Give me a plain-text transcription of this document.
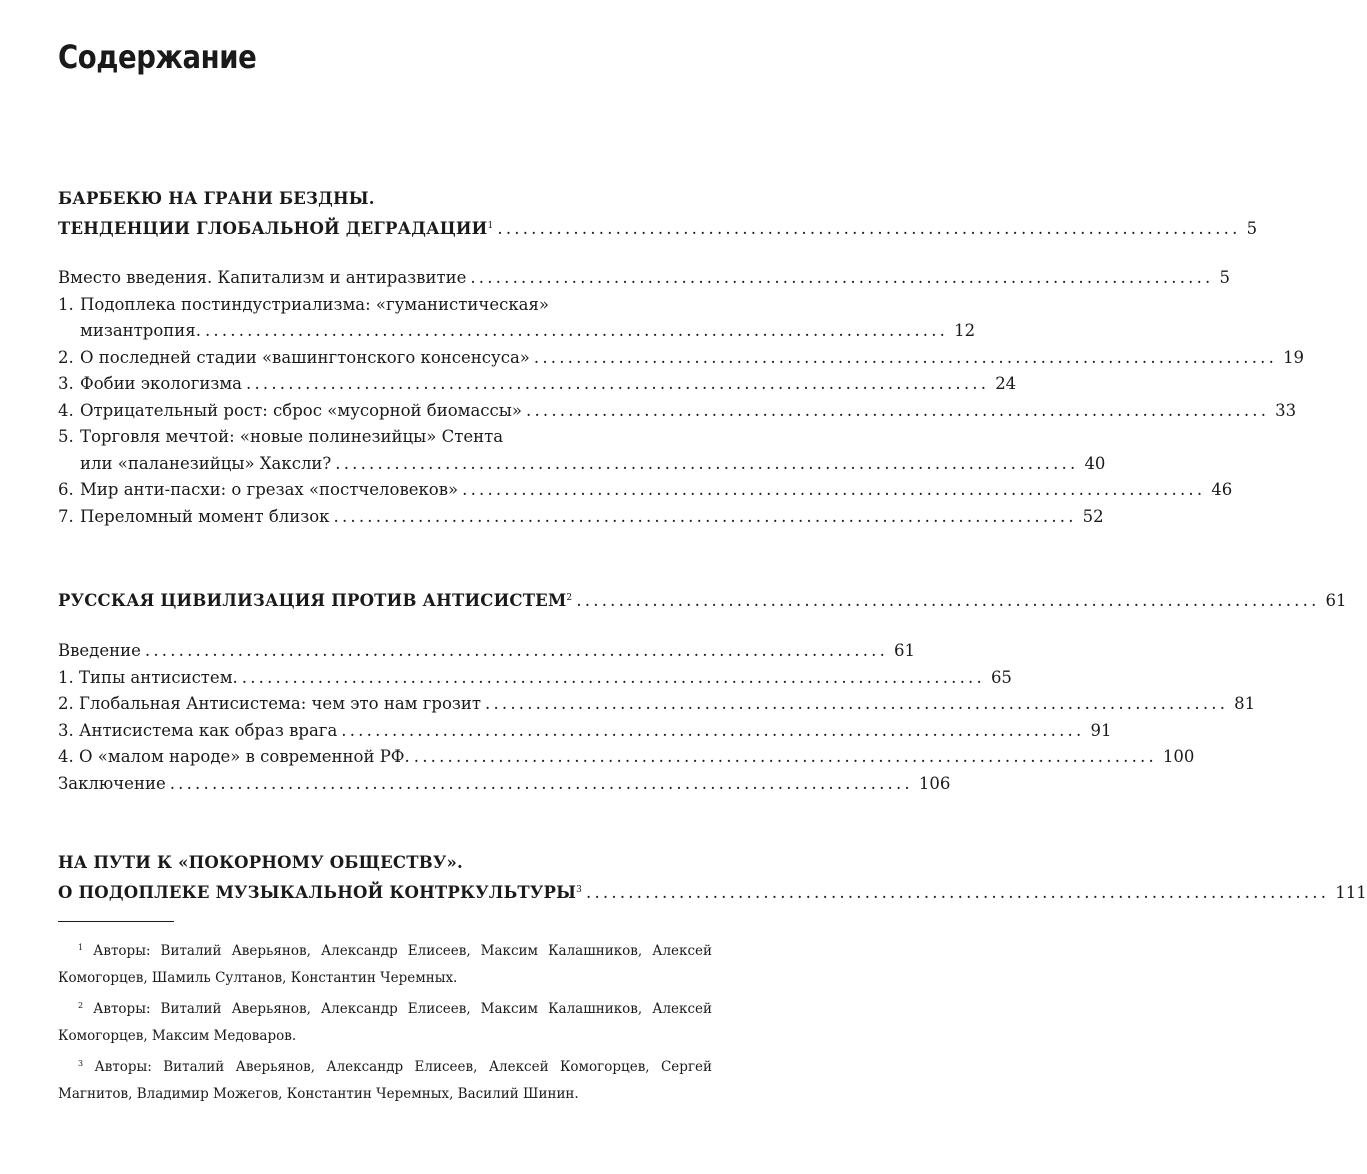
Содержание
БАРБЕКЮ НА ГРАНИ БЕЗДНЫ.
ТЕНДЕНЦИИ ГЛОБАЛЬНОЙ ДЕГРАДАЦИИ$^1$ ........................................................................................ 5
Вместо введения. Капитализм и антиразвитие ........................................................................................ 5
1. Подоплека постиндустриализма: «гуманистическая»
мизантропия. ........................................................................................ 12
2. О последней стадии «вашингтонского консенсуса» ........................................................................................ 19
3. Фобии экологизма ........................................................................................ 24
4. Отрицательный рост: сброс «мусорной биомассы» ........................................................................................ 33
5. Торговля мечтой: «новые полинезийцы» Стента
или «паланезийцы» Хаксли? ........................................................................................ 40
6. Мир анти-пасхи: о грезах «постчеловеков» ........................................................................................ 46
7. Переломный момент близок ........................................................................................ 52
РУССКАЯ ЦИВИЛИЗАЦИЯ ПРОТИВ АНТИСИСТЕМ$^2$ ........................................................................................ 61
Введение ........................................................................................ 61
1. Типы антисистем. ........................................................................................ 65
2. Глобальная Антисистема: чем это нам грозит ........................................................................................ 81
3. Антисистема как образ врага ........................................................................................ 91
4. О «малом народе» в современной РФ. ........................................................................................ 100
Заключение ........................................................................................ 106
НА ПУТИ К «ПОКОРНОМУ ОБЩЕСТВУ».
О ПОДОПЛЕКЕ МУЗЫКАЛЬНОЙ КОНТРКУЛЬТУРЫ$^3$ ........................................................................................ 111

$^1$ Авторы: Виталий Аверьянов, Александр Елисеев, Максим Калашников, Алексей Комогорцев, Шамиль Султанов, Константин Черемных.

$^2$ Авторы: Виталий Аверьянов, Александр Елисеев, Максим Калашников, Алексей Комогорцев, Максим Медоваров.

$^3$ Авторы: Виталий Аверьянов, Александр Елисеев, Алексей Комогорцев, Сергей Магнитов, Владимир Можегов, Константин Черемных, Василий Шинин.
